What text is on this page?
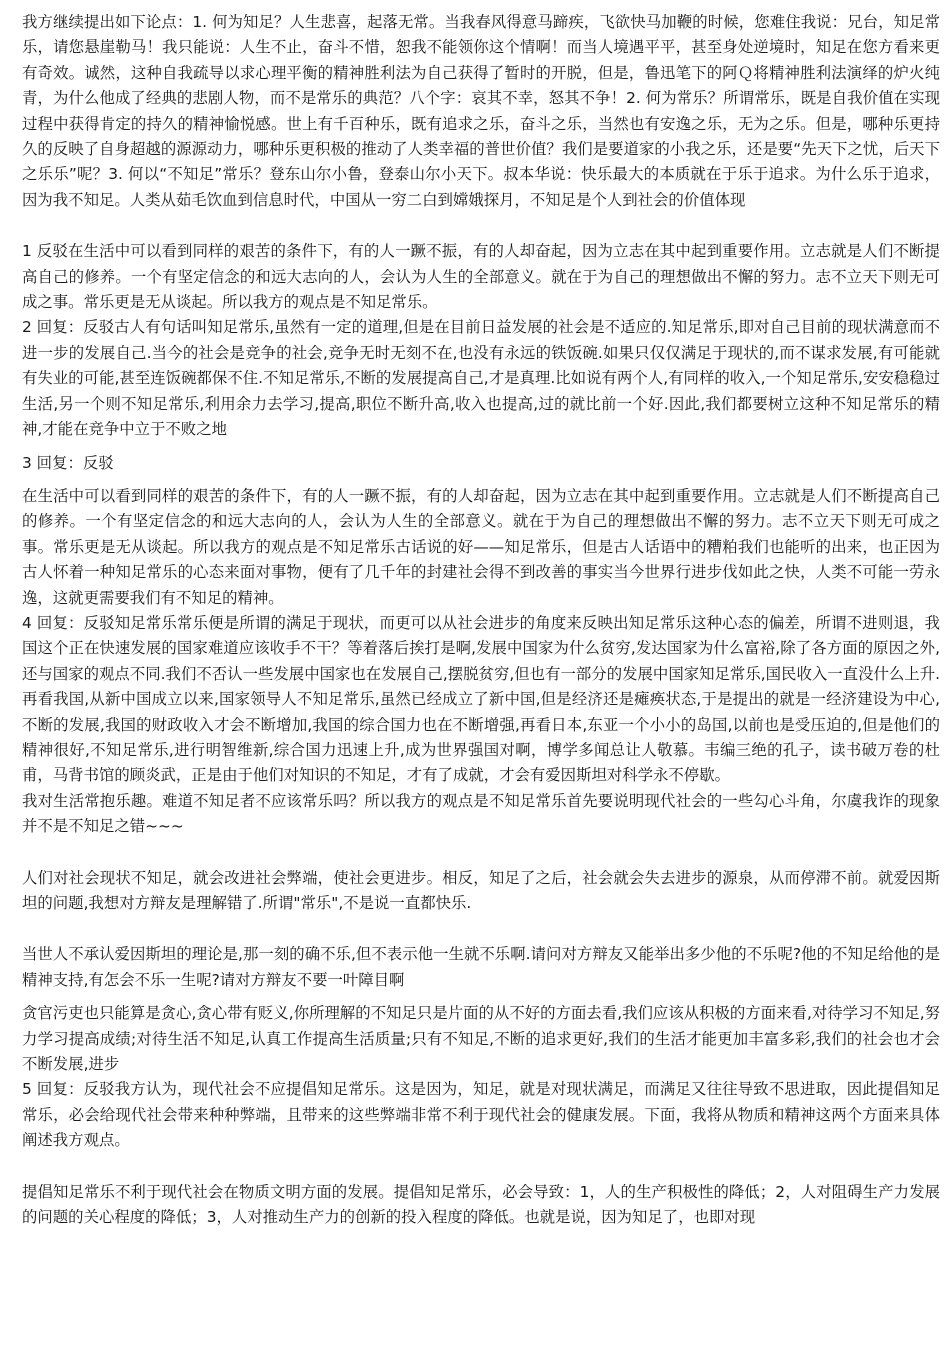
我方继续提出如下论点：1. 何为知足？人生悲喜，起落无常。当我春风得意马蹄疾，飞欲快马加鞭的时候，您难住我说：兄台，知足常乐，请您悬崖勒马！我只能说：人生不止，奋斗不惜，恕我不能领你这个情啊！而当人境遇平平，甚至身处逆境时，知足在您方看来更有奇效。诚然，这种自我疏导以求心理平衡的精神胜利法为自己获得了暂时的开脱，但是，鲁迅笔下的阿Ｑ将精神胜利法演绎的炉火纯青，为什么他成了经典的悲剧人物，而不是常乐的典范？八个字：哀其不幸，怒其不争！2. 何为常乐？所谓常乐，既是自我价值在实现过程中获得肯定的持久的精神愉悦感。世上有千百种乐，既有追求之乐，奋斗之乐，当然也有安逸之乐，无为之乐。但是，哪种乐更持久的反映了自身超越的源源动力，哪种乐更积极的推动了人类幸福的普世价值？我们是要道家的小我之乐，还是要“先天下之忧，后天下之乐乐”呢？3. 何以“不知足”常乐？登东山尔小鲁，登泰山尔小天下。叔本华说：快乐最大的本质就在于乐于追求。为什么乐于追求，因为我不知足。人类从茹毛饮血到信息时代，中国从一穷二白到嫦娥探月，不知足是个人到社会的价值体现

1 反驳在生活中可以看到同样的艰苦的条件下，有的人一蹶不振，有的人却奋起，因为立志在其中起到重要作用。立志就是人们不断提高自己的修养。一个有坚定信念的和远大志向的人，会认为人生的全部意义。就在于为自己的理想做出不懈的努力。志不立天下则无可成之事。常乐更是无从谈起。所以我方的观点是不知足常乐。

2 回复：反驳古人有句话叫知足常乐,虽然有一定的道理,但是在目前日益发展的社会是不适应的.知足常乐,即对自己目前的现状满意而不进一步的发展自己.当今的社会是竞争的社会,竞争无时无刻不在,也没有永远的铁饭碗.如果只仅仅满足于现状的,而不谋求发展,有可能就有失业的可能,甚至连饭碗都保不住.不知足常乐,不断的发展提高自己,才是真理.比如说有两个人,有同样的收入,一个知足常乐,安安稳稳过生活,另一个则不知足常乐,利用余力去学习,提高,职位不断升高,收入也提高,过的就比前一个好.因此,我们都要树立这种不知足常乐的精神,才能在竞争中立于不败之地

3 回复：反驳

在生活中可以看到同样的艰苦的条件下，有的人一蹶不振，有的人却奋起，因为立志在其中起到重要作用。立志就是人们不断提高自己的修养。一个有坚定信念的和远大志向的人，会认为人生的全部意义。就在于为自己的理想做出不懈的努力。志不立天下则无可成之事。常乐更是无从谈起。所以我方的观点是不知足常乐古话说的好——知足常乐，但是古人话语中的糟粕我们也能听的出来，也正因为古人怀着一种知足常乐的心态来面对事物，便有了几千年的封建社会得不到改善的事实当今世界行进步伐如此之快，人类不可能一劳永逸，这就更需要我们有不知足的精神。

4 回复：反驳知足常乐常乐便是所谓的满足于现状，而更可以从社会进步的角度来反映出知足常乐这种心态的偏差，所谓不进则退，我国这个正在快速发展的国家难道应该收手不干？等着落后挨打是啊,发展中国家为什么贫穷,发达国家为什么富裕,除了各方面的原因之外,还与国家的观点不同.我们不否认一些发展中国家也在发展自己,摆脱贫穷,但也有一部分的发展中国家知足常乐,国民收入一直没什么上升.再看我国,从新中国成立以来,国家领导人不知足常乐,虽然已经成立了新中国,但是经济还是瘫痪状态,于是提出的就是一经济建设为中心,不断的发展,我国的财政收入才会不断增加,我国的综合国力也在不断增强,再看日本,东亚一个小小的岛国,以前也是受压迫的,但是他们的精神很好,不知足常乐,进行明智维新,综合国力迅速上升,成为世界强国对啊，博学多闻总让人敬慕。韦编三绝的孔子，读书破万卷的杜甫，马背书馆的顾炎武，正是由于他们对知识的不知足，才有了成就，才会有爱因斯坦对科学永不停歇。

我对生活常抱乐趣。难道不知足者不应该常乐吗？所以我方的观点是不知足常乐首先要说明现代社会的一些勾心斗角，尔虞我诈的现象并不是不知足之错~~~

人们对社会现状不知足，就会改进社会弊端，使社会更进步。相反，知足了之后，社会就会失去进步的源泉，从而停滞不前。就爱因斯坦的问题,我想对方辩友是理解错了.所谓"常乐",不是说一直都快乐.

当世人不承认爱因斯坦的理论是,那一刻的确不乐,但不表示他一生就不乐啊.请问对方辩友又能举出多少他的不乐呢?他的不知足给他的是精神支持,有怎会不乐一生呢?请对方辩友不要一叶障目啊

贪官污吏也只能算是贪心,贪心带有贬义,你所理解的不知足只是片面的从不好的方面去看,我们应该从积极的方面来看,对待学习不知足,努力学习提高成绩;对待生活不知足,认真工作提高生活质量;只有不知足,不断的追求更好,我们的生活才能更加丰富多彩,我们的社会也才会不断发展,进步

5 回复：反驳我方认为，现代社会不应提倡知足常乐。这是因为，知足，就是对现状满足，而满足又往往导致不思进取，因此提倡知足常乐，必会给现代社会带来种种弊端，且带来的这些弊端非常不利于现代社会的健康发展。下面，我将从物质和精神这两个方面来具体阐述我方观点。

提倡知足常乐不利于现代社会在物质文明方面的发展。提倡知足常乐，必会导致：1，人的生产积极性的降低；2，人对阻碍生产力发展的问题的关心程度的降低；3，人对推动生产力的创新的投入程度的降低。也就是说，因为知足了，也即对现
